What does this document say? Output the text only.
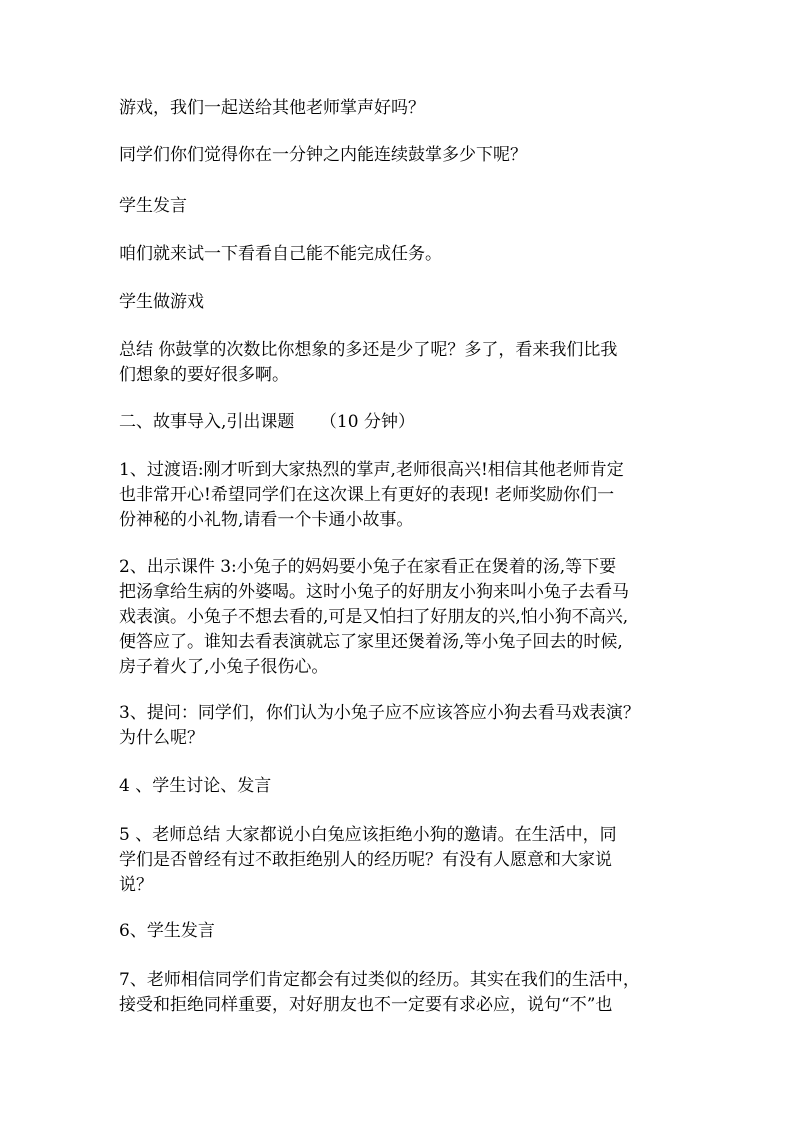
游戏，我们一起送给其他老师掌声好吗？

同学们你们觉得你在一分钟之内能连续鼓掌多少下呢？

学生发言

咱们就来试一下看看自己能不能完成任务。

学生做游戏

总结 你鼓掌的次数比你想象的多还是少了呢？多了，看来我们比我
们想象的要好很多啊。

二、故事导入,引出课题　　（10 分钟）

1、过渡语:刚才听到大家热烈的掌声,老师很高兴!相信其他老师肯定
也非常开心!希望同学们在这次课上有更好的表现! 老师奖励你们一
份神秘的小礼物,请看一个卡通小故事。

2、出示课件 3:小兔子的妈妈要小兔子在家看正在煲着的汤,等下要
把汤拿给生病的外婆喝。这时小兔子的好朋友小狗来叫小兔子去看马
戏表演。小兔子不想去看的,可是又怕扫了好朋友的兴,怕小狗不高兴,
便答应了。谁知去看表演就忘了家里还煲着汤,等小兔子回去的时候,
房子着火了,小兔子很伤心。

3、提问：同学们，你们认为小兔子应不应该答应小狗去看马戏表演？
为什么呢？

4 、学生讨论、发言

5 、老师总结 大家都说小白兔应该拒绝小狗的邀请。在生活中，同
学们是否曾经有过不敢拒绝别人的经历呢？有没有人愿意和大家说
说？

6、学生发言

7、老师相信同学们肯定都会有过类似的经历。其实在我们的生活中，
接受和拒绝同样重要，对好朋友也不一定要有求必应，说句“不”也
